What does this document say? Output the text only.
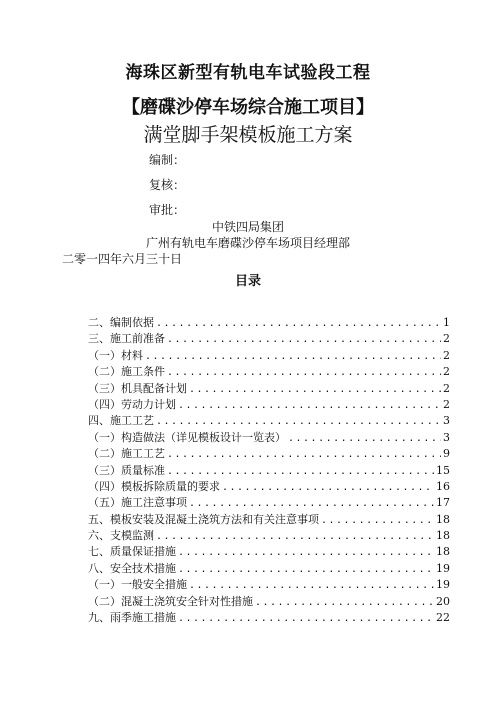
海珠区新型有轨电车试验段工程
【磨碟沙停车场综合施工项目】
满堂脚手架模板施工方案
编制：
复核：
审批：
中铁四局集团
广州有轨电车磨碟沙停车场项目经理部
二零一四年六月三十日
目录
二、编制依据 .....	1
三、施工前准备 .....	2
（一）材料 .....	2
（二）施工条件 .....	2
（三）机具配备计划 .....	2
（四）劳动力计划 .....	2
四、施工工艺 .....	3
（一）构造做法（详见模板设计一览表） .....	3
（二）施工工艺 .....	9
（三）质量标准 .....	15
（四）模板拆除质量的要求 .....	16
（五）施工注意事项 .....	17
五、模板安装及混凝土浇筑方法和有关注意事项 .....	18
六、支模监测 .....	18
七、质量保证措施 .....	18
八、安全技术措施 .....	19
（一）一般安全措施 .....	19
（二）混凝土浇筑安全针对性措施 .....	20
九、雨季施工措施 .....	22
